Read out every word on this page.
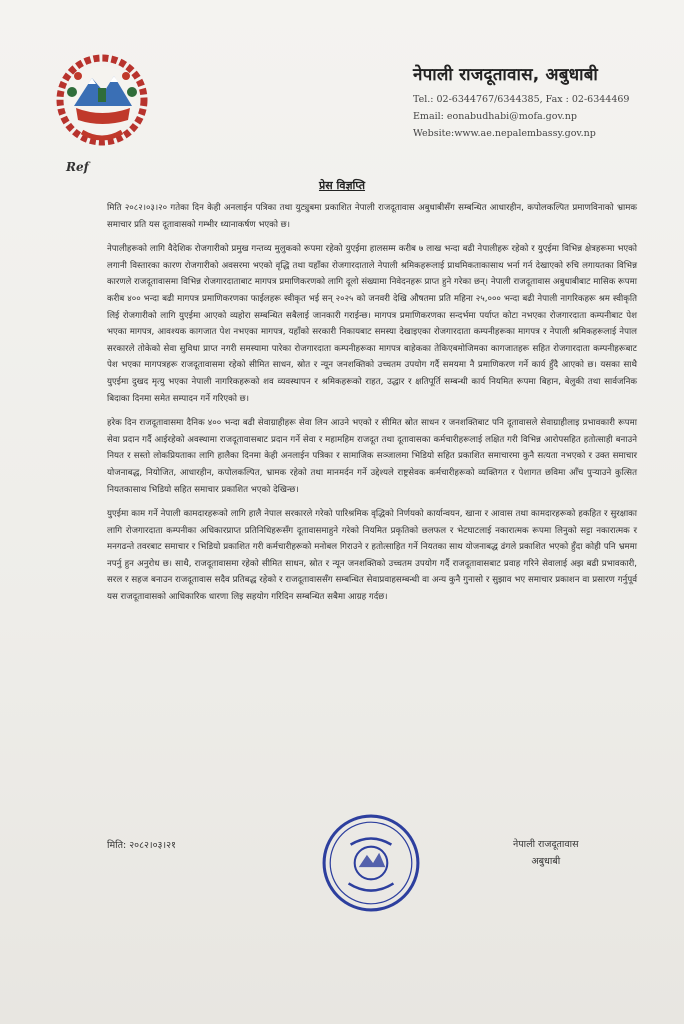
Ref
नेपाली राजदूतावास, अबुधाबी
Tel.: 02-6344767/6344385, Fax : 02-6344469
Email: eonabudhabi@mofa.gov.np
Website:www.ae.nepalembassy.gov.np
प्रेस विज्ञप्ति

मिति २०८२।०३।२० गतेका दिन केही अनलाईन पत्रिका तथा युट्युबमा प्रकाशित नेपाली राजदूतावास अबुधाबीसँग सम्बन्धित आधारहीन, कपोलकल्पित प्रमाणविनाको भ्रामक समाचार प्रति यस दूतावासको गम्भीर ध्यानाकर्षण भएको छ।

नेपालीहरूको लागि वैदेशिक रोजगारीको प्रमुख गन्तव्य मुलुकको रूपमा रहेको युएईमा हालसम्म करीब ७ लाख भन्दा बढी नेपालीहरू रहेको र युएईमा विभिन्न क्षेत्रहरूमा भएको लगानी विस्तारका कारण रोजगारीको अवसरमा भएको वृद्धि तथा यहाँका रोजगारदाताले नेपाली श्रमिकहरूलाई प्राथमिकताकासाथ भर्ना गर्न देखाएको रुचि लगायतका विभिन्न कारणले राजदूतावासमा विभिन्न रोजगारदाताबाट मागपत्र प्रमाणिकरणको लागि दूलो संख्यामा निवेदनहरू प्राप्त हुने गरेका छन्। नेपाली राजदूतावास अबुधाबीबाट मासिक रूपमा करीब ४०० भन्दा बढी मागपत्र प्रमाणिकरणका फाईलहरू स्वीकृत भई सन् २०२५ को जनवरी देखि औषतमा प्रति महिना २५,००० भन्दा बढी नेपाली नागरिकहरू श्रम स्वीकृति लिई रोजगारीको लागि युएईमा आएको व्यहोरा सम्बन्धित सबैलाई जानकारी गराईन्छ। मागपत्र प्रमाणिकरणका सन्दर्भमा पर्याप्त कोटा नभएका रोजगारदाता कम्पनीबाट पेश भएका मागपत्र, आवश्यक कागजात पेश नभएका मागपत्र, यहाँको सरकारी निकायबाट समस्या देखाइएका रोजगारदाता कम्पनीहरूका मागपत्र र नेपाली श्रमिकहरूलाई नेपाल सरकारले तोकेको सेवा सुविधा प्राप्त नगरी समस्यामा पारेका रोजगारदाता कम्पनीहरूका मागपत्र बाहेकका तेकिएबमोजिमका कागजातहरू सहित रोजगारदाता कम्पनीहरूबाट पेश भएका मागपत्रहरू राजदूतावासमा रहेको सीमित साधन, स्रोत र न्यून जनशक्तिको उच्चतम उपयोग गर्दै समयमा नै प्रमाणिकरण गर्ने कार्य हुँदै आएको छ। यसका साथै युएईमा दुखद मृत्यु भएका नेपाली नागरिकहरूको शव व्यवस्थापन र श्रमिकहरूको राहत, उद्धार र क्षतिपूर्ति सम्बन्धी कार्य नियमित रूपमा बिहान, बेलुकी तथा सार्वजनिक बिदाका दिनमा समेत सम्पादन गर्ने गरिएको छ।

हरेक दिन राजदूतावासमा दैनिक ४०० भन्दा बढी सेवाग्राहीहरू सेवा लिन आउने भएको र सीमित स्रोत साधन र जनशक्तिबाट पनि दूतावासले सेवाग्राहीलाइ प्रभावकारी रूपमा सेवा प्रदान गर्दै आईरहेको अवस्थामा राजदूतावासबाट प्रदान गर्ने सेवा र महामहिम राजदूत तथा दूतावासका कर्मचारीहरूलाई लक्षित गरी विभिन्न आरोपसहित हतोत्साही बनाउने नियत र सस्तो लोकप्रियताका लागि हालैका दिनमा केही अनलाईन पत्रिका र सामाजिक सञ्जालमा भिडियो सहित प्रकाशित समाचारमा कुनै सत्यता नभएको र उक्त समाचार योजनाबद्ध, नियोजित, आधारहीन, कपोलकल्पित, भ्रामक रहेको तथा मानमर्दन गर्ने उद्देश्यले राष्ट्रसेवक कर्मचारीहरूको व्यक्तिगत र पेशागत छविमा आँच पुऱ्याउने कुत्सित नियतकासाथ भिडियो सहित समाचार प्रकाशित भएको देखिन्छ।

युएईमा काम गर्ने नेपाली कामदारहरूको लागि हालै नेपाल सरकारले गरेको पारिश्रमिक वृद्धिको निर्णयको कार्यान्वयन, खाना र आवास तथा कामदारहरूको हकहित र सुरक्षाका लागि रोजगारदाता कम्पनीका अधिकारप्राप्त प्रतिनिधिहरूसँग दूतावासमाहुने गरेको नियमित प्रकृतिको छलफल र भेटघाटलाई नकारात्मक रूपमा लिनुको सट्टा नकारात्मक र मनगढन्ते तवरबाट समाचार र भिडियो प्रकाशित गरी कर्मचारीहरूको मनोबल गिराउने र हतोत्साहित गर्ने नियतका साथ योजनाबद्ध ढंगले प्रकाशित भएको हुँदा कोही पनि भ्रममा नपर्नु हुन अनुरोध छ। साथै, राजदूतावासमा रहेको सीमित साधन, स्रोत र न्यून जनशक्तिको उच्चतम उपयोग गर्दै राजदूतावासबाट प्रवाह गरिने सेवालाई अझ बढी प्रभावकारी, सरल र सहज बनाउन राजदूतावास सदैव प्रतिबद्ध रहेको र राजदूतावाससँग सम्बन्धित सेवाप्रवाहसम्बन्धी वा अन्य कुनै गुनासो र सुझाव भए समाचार प्रकाशन वा प्रसारण गर्नुपूर्व यस राजदूतावासको आधिकारिक धारणा लिइ सहयोग गरिदिन सम्बन्धित सबैमा आग्रह गर्दछ।

मिति: २०८२।०३।२१	नेपाली राजदूतावास
अबुधाबी
